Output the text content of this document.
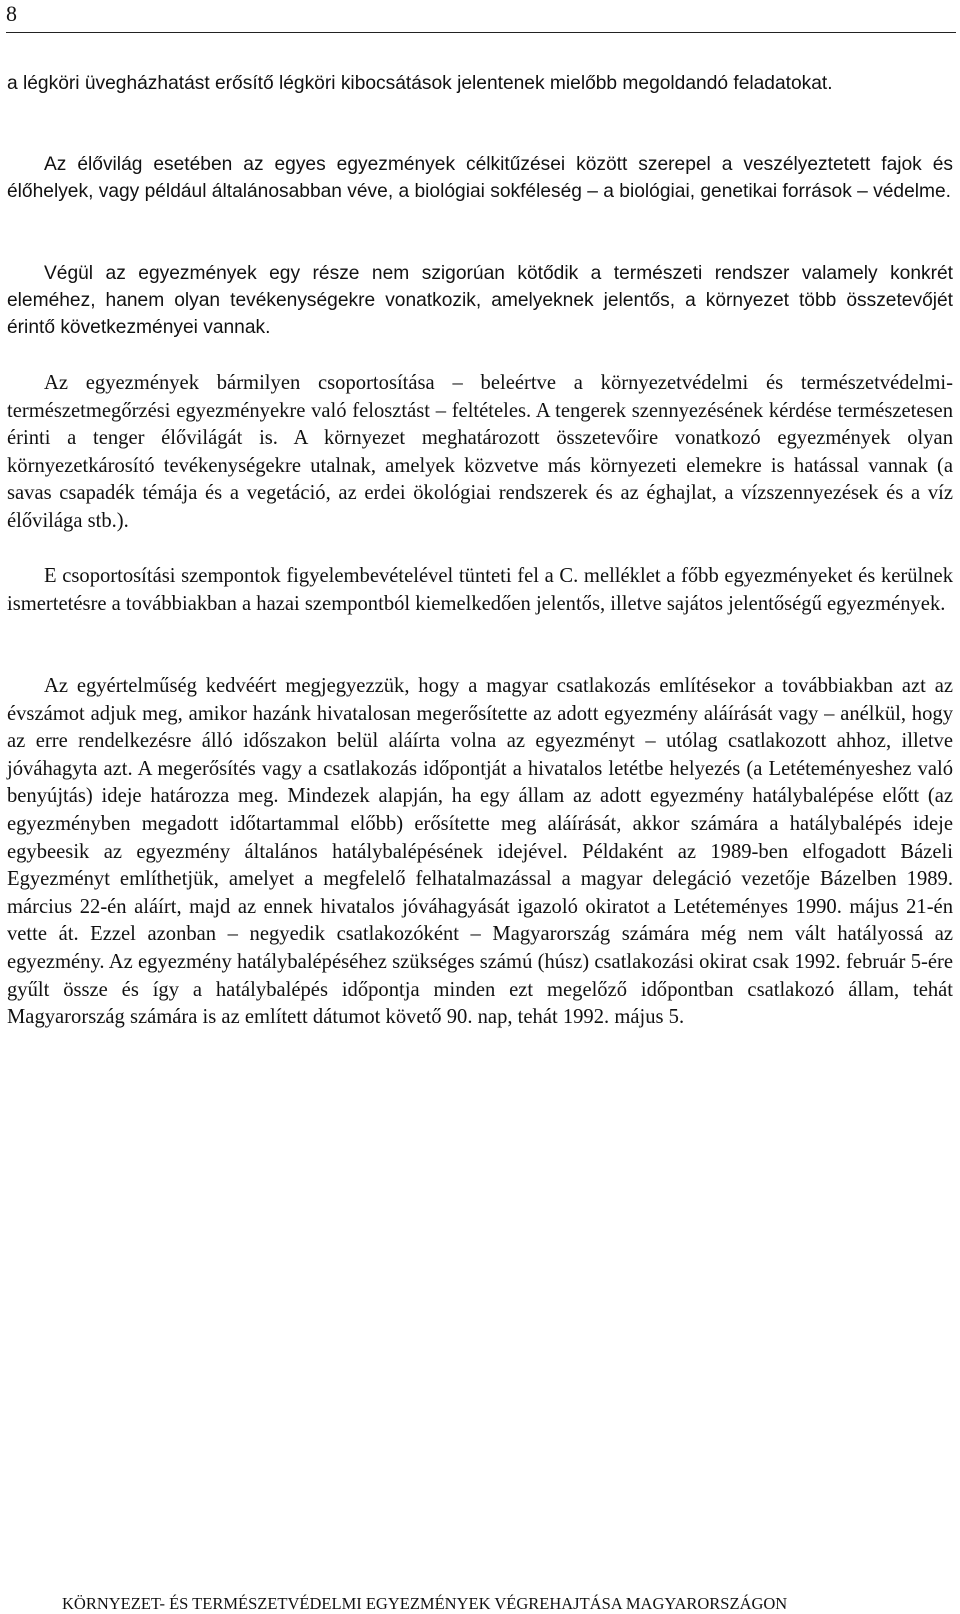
8

a légköri üvegházhatást erősítő légköri kibocsátások jelentenek mielőbb megoldandó feladatokat.

Az élővilág esetében az egyes egyezmények célkitűzései között szerepel a veszélyeztetett fajok és élőhelyek, vagy például általánosabban véve, a biológiai sokféleség – a biológiai, genetikai források – védelme.

Végül az egyezmények egy része nem szigorúan kötődik a természeti rendszer valamely konkrét eleméhez, hanem olyan tevékenységekre vonatkozik, amelyeknek jelentős, a környezet több összetevőjét érintő következményei vannak.

Az egyezmények bármilyen csoportosítása – beleértve a környezetvédelmi és természetvédelmi-természetmegőrzési egyezményekre való felosztást – feltételes. A tengerek szennyezésének kérdése természetesen érinti a tenger élővilágát is. A környezet meghatározott összetevőire vonatkozó egyezmények olyan környezetkárosító tevékenységekre utalnak, amelyek közvetve más környezeti elemekre is hatással vannak (a savas csapadék témája és a vegetáció, az erdei ökológiai rendszerek és az éghajlat, a vízszennyezések és a víz élővilága stb.).

E csoportosítási szempontok figyelembevételével tünteti fel a C. melléklet a főbb egyezményeket és kerülnek ismertetésre a továbbiakban a hazai szempontból kiemelkedően jelentős, illetve sajátos jelentőségű egyezmények.

Az egyértelműség kedvéért megjegyezzük, hogy a magyar csatlakozás említésekor a továbbiakban azt az évszámot adjuk meg, amikor hazánk hivatalosan megerősítette az adott egyezmény aláírását vagy – anélkül, hogy az erre rendelkezésre álló időszakon belül aláírta volna az egyezményt – utólag csatlakozott ahhoz, illetve jóváhagyta azt. A megerősítés vagy a csatlakozás időpontját a hivatalos letétbe helyezés (a Letéteményeshez való benyújtás) ideje határozza meg. Mindezek alapján, ha egy állam az adott egyezmény hatálybalépése előtt (az egyezményben megadott időtartammal előbb) erősítette meg aláírását, akkor számára a hatálybalépés ideje egybeesik az egyezmény általános hatálybalépésének idejével. Példaként az 1989-ben elfogadott Bázeli Egyezményt említhetjük, amelyet a megfelelő felhatalmazással a magyar delegáció vezetője Bázelben 1989. március 22-én aláírt, majd az ennek hivatalos jóváhagyását igazoló okiratot a Letéteményes 1990. május 21-én vette át. Ezzel azonban – negyedik csatlakozóként – Magyarország számára még nem vált hatályossá az egyezmény. Az egyezmény hatálybalépéséhez szükséges számú (húsz) csatlakozási okirat csak 1992. február 5-ére gyűlt össze és így a hatálybalépés időpontja minden ezt megelőző időpontban csatlakozó állam, tehát Magyarország számára is az említett dátumot követő 90. nap, tehát 1992. május 5.

KÖRNYEZET- ÉS TERMÉSZETVÉDELMI EGYEZMÉNYEK VÉGREHAJTÁSA MAGYARORSZÁGON
